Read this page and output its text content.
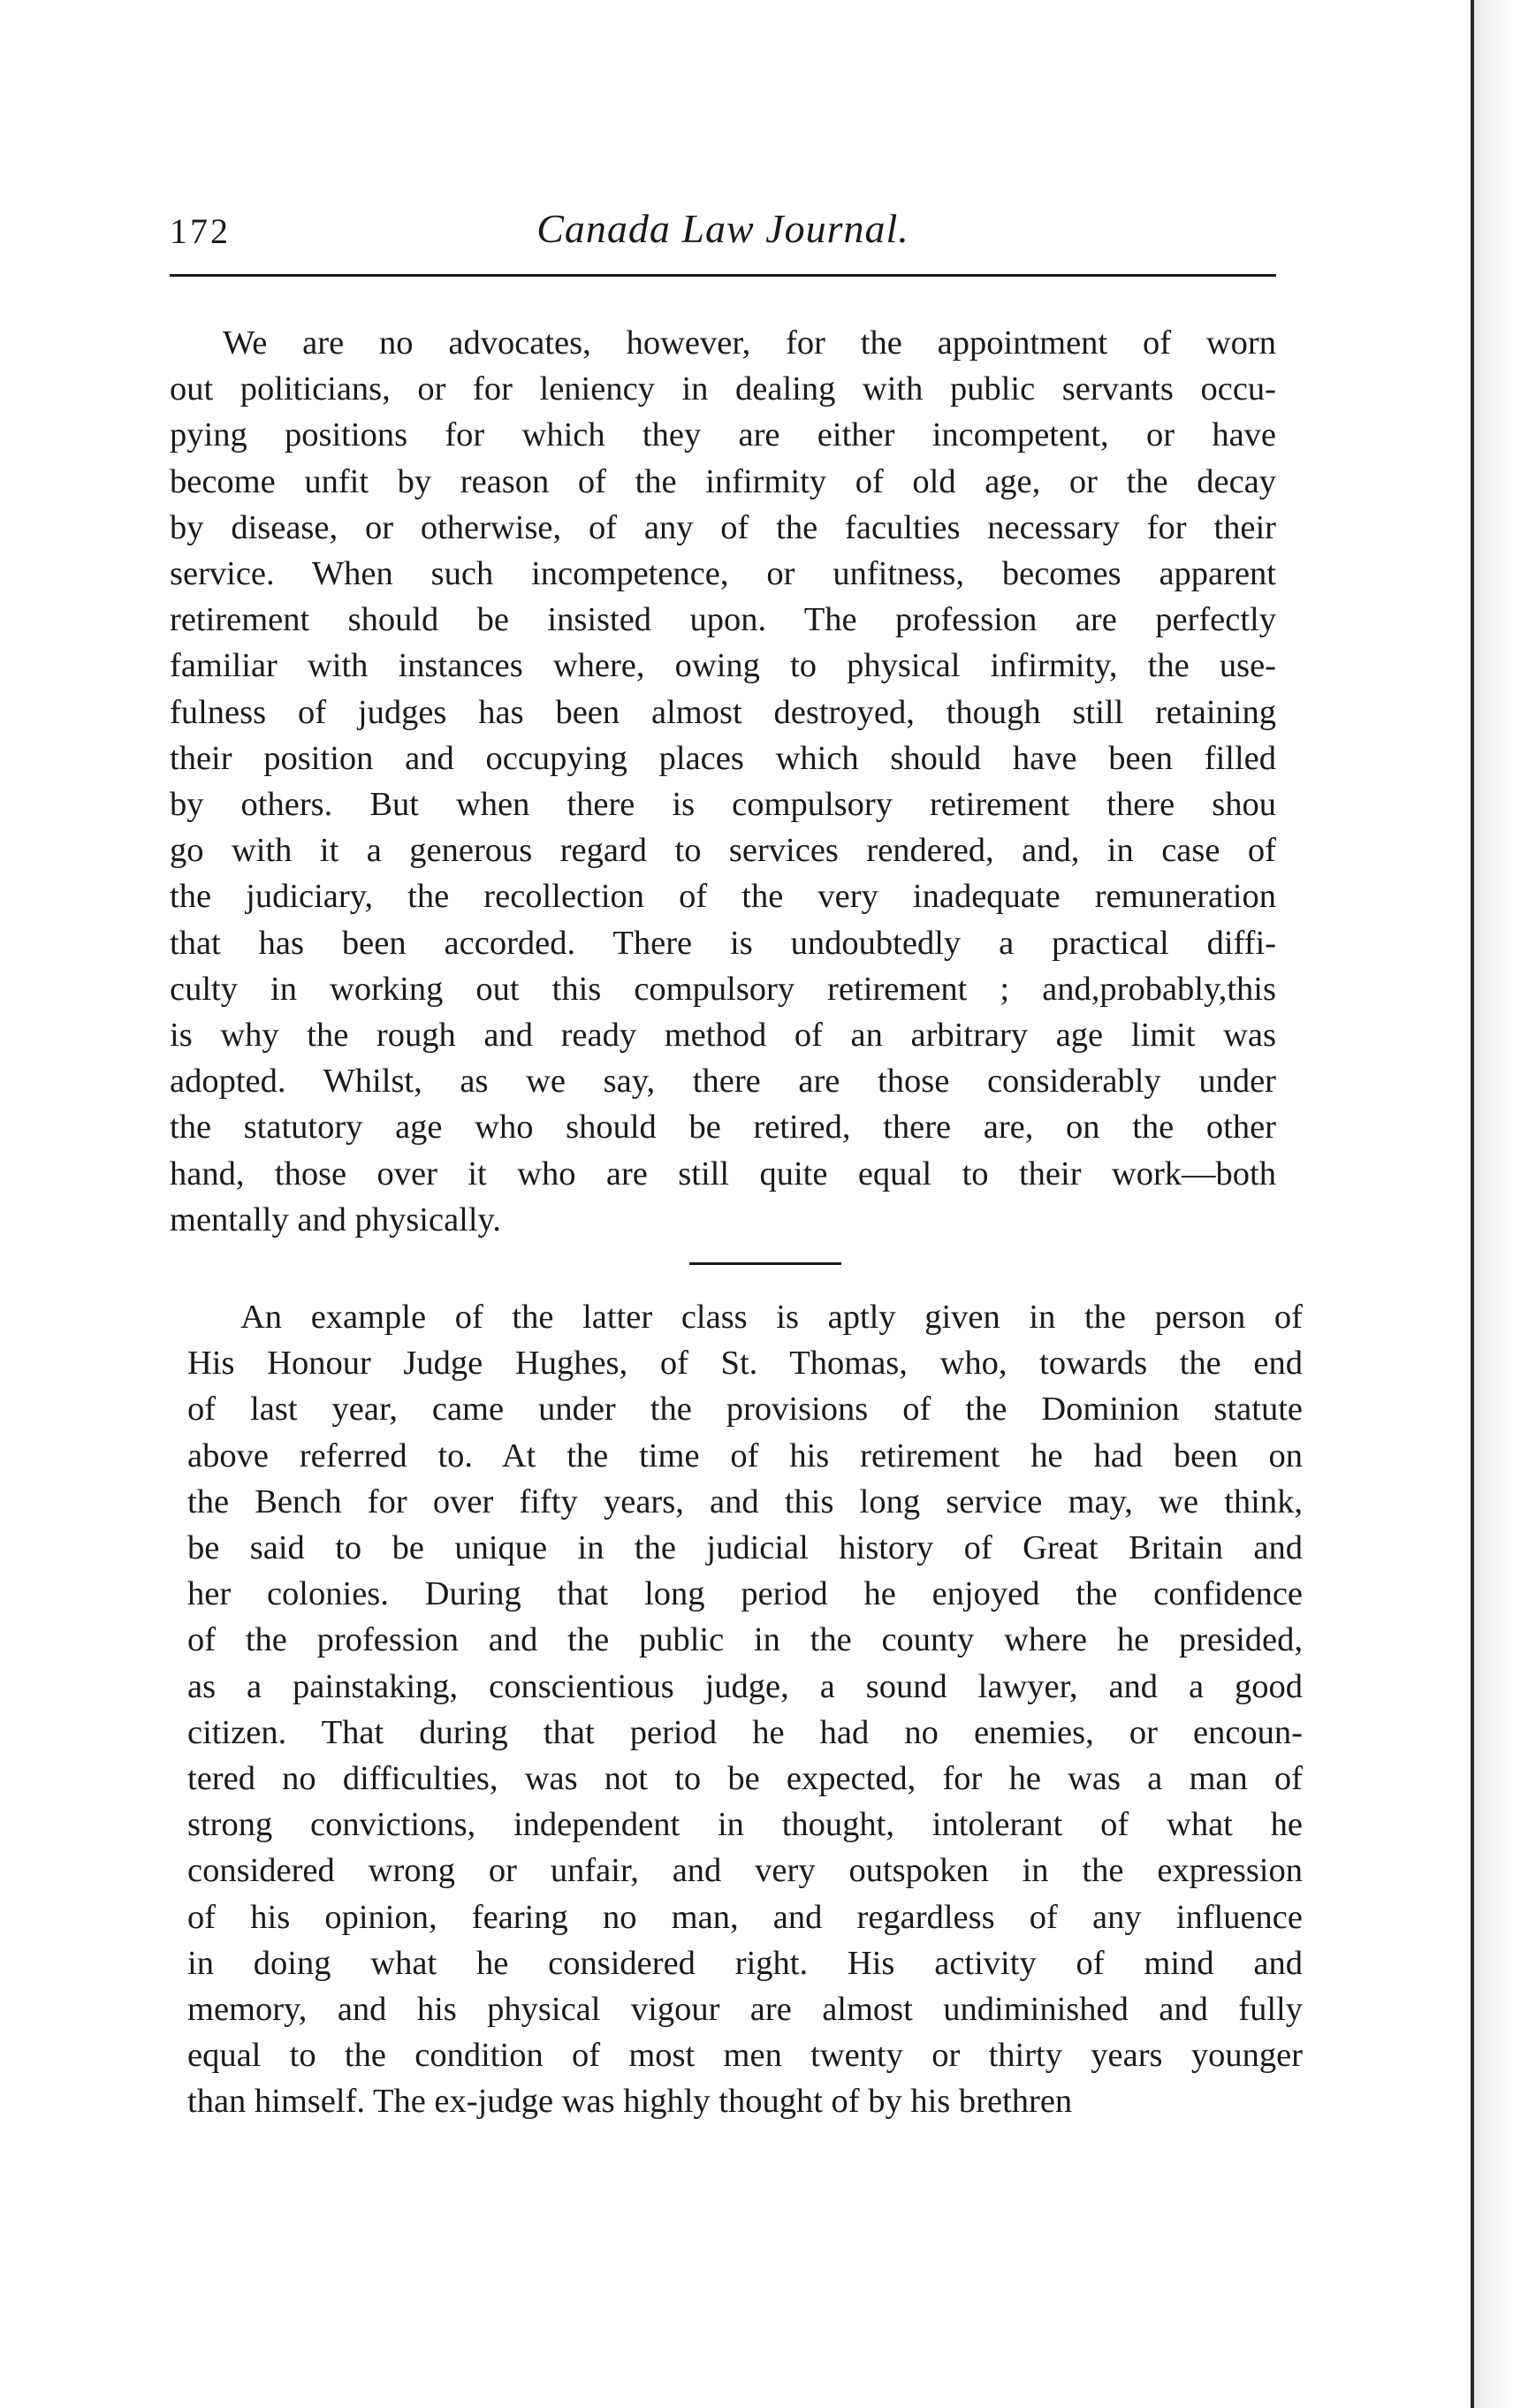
172	Canada Law Journal.
We are no advocates, however, for the appointment of worn
out politicians, or for leniency in dealing with public servants occu-
pying positions for which they are either incompetent, or have
become unfit by reason of the infirmity of old age, or the decay
by disease, or otherwise, of any of the faculties necessary for their
service. When such incompetence, or unfitness, becomes apparent
retirement should be insisted upon. The profession are perfectly
familiar with instances where, owing to physical infirmity, the use-
fulness of judges has been almost destroyed, though still retaining
their position and occupying places which should have been filled
by others. But when there is compulsory retirement there shou
go with it a generous regard to services rendered, and, in case of
the judiciary, the recollection of the very inadequate remuneration
that has been accorded. There is undoubtedly a practical diffi-
culty in working out this compulsory retirement ; and,probably,this
is why the rough and ready method of an arbitrary age limit was
adopted. Whilst, as we say, there are those considerably under
the statutory age who should be retired, there are, on the other
hand, those over it who are still quite equal to their work—both
mentally and physically.
An example of the latter class is aptly given in the person of
His Honour Judge Hughes, of St. Thomas, who, towards the end
of last year, came under the provisions of the Dominion statute
above referred to. At the time of his retirement he had been on
the Bench for over fifty years, and this long service may, we think,
be said to be unique in the judicial history of Great Britain and
her colonies. During that long period he enjoyed the confidence
of the profession and the public in the county where he presided,
as a painstaking, conscientious judge, a sound lawyer, and a good
citizen. That during that period he had no enemies, or encoun-
tered no difficulties, was not to be expected, for he was a man of
strong convictions, independent in thought, intolerant of what he
considered wrong or unfair, and very outspoken in the expression
of his opinion, fearing no man, and regardless of any influence
in doing what he considered right. His activity of mind and
memory, and his physical vigour are almost undiminished and fully
equal to the condition of most men twenty or thirty years younger
than himself. The ex-judge was highly thought of by his brethren
